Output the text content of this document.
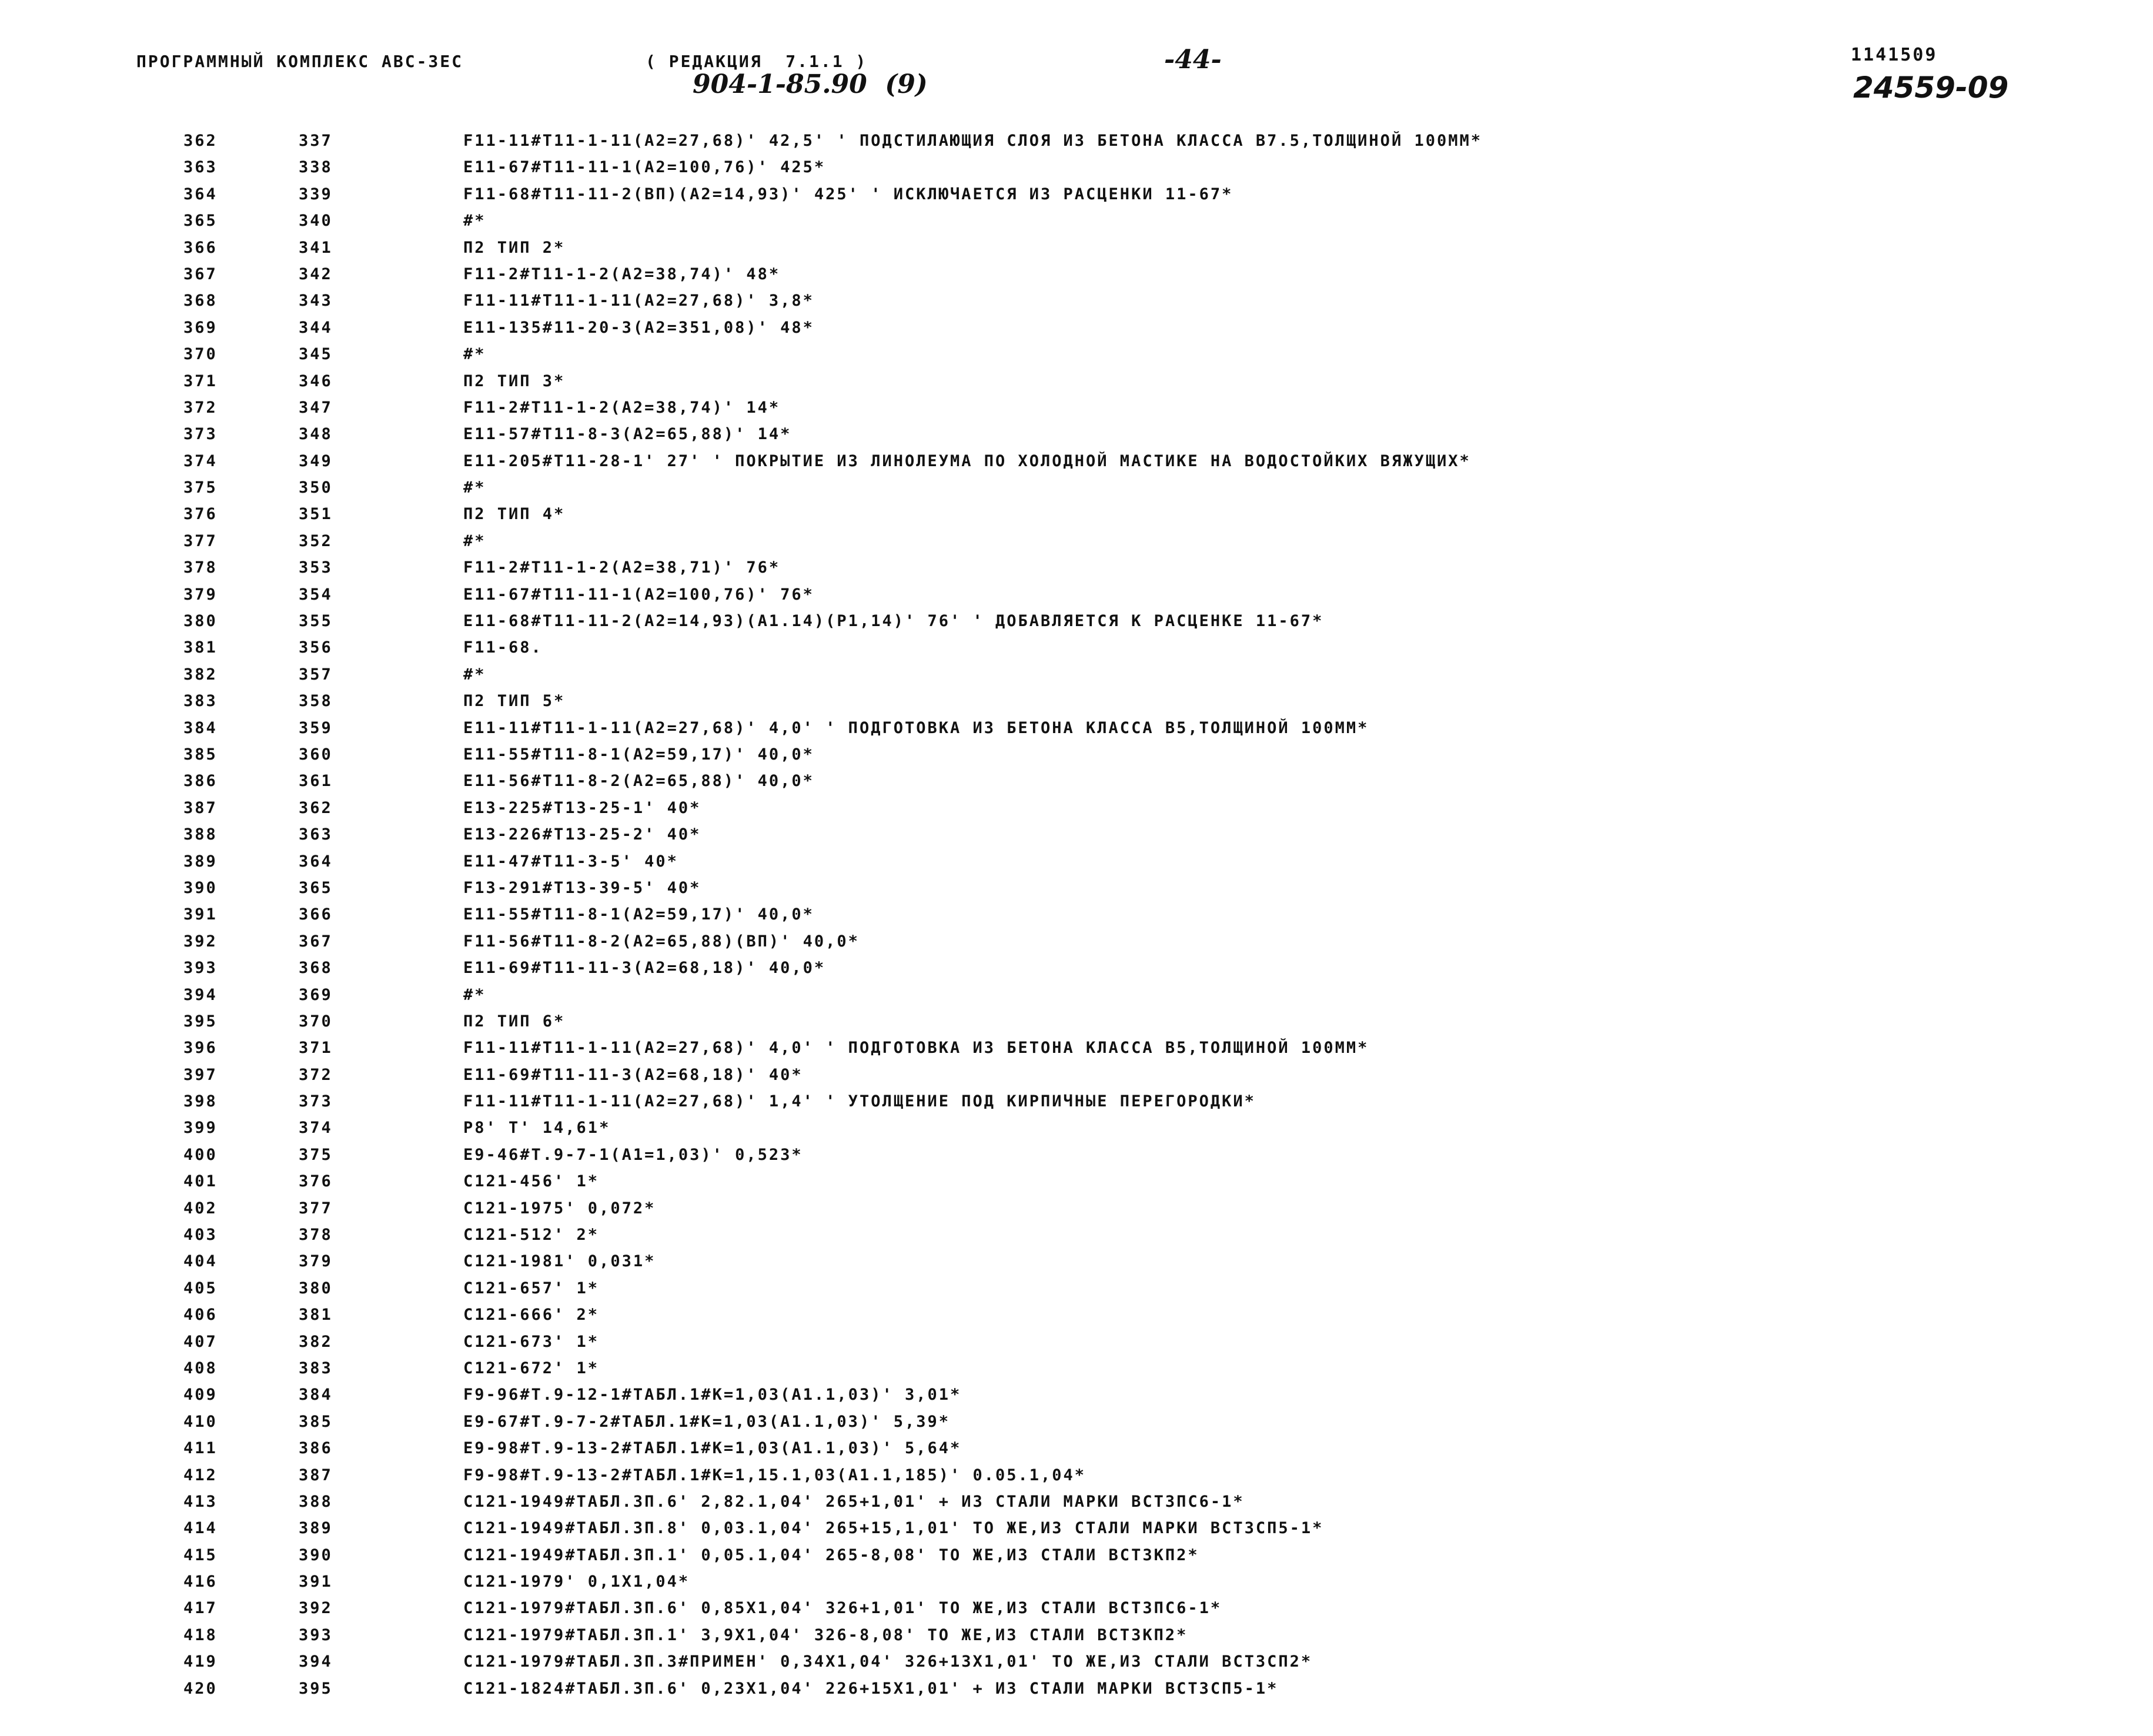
ПРОГРАММНЫЙ КОМПЛЕКС АВС-ЗЕС	( РЕДАКЦИЯ  7.1.1 )
904-1-85.90  (9)
-44-	1141509
24559-09
362	337	F11-11#T11-1-11(A2=27,68)' 42,5' ' ПОДСТИЛАЮЩИЯ СЛОЯ ИЗ БЕТОНА КЛАССА В7.5,ТОЛЩИНОЙ 100ММ*
363	338	E11-67#T11-11-1(A2=100,76)' 425*
364	339	F11-68#T11-11-2(BП)(A2=14,93)' 425' ' ИСКЛЮЧАЕТСЯ ИЗ РАСЦЕНКИ 11-67*
365	340	#*
366	341	П2 ТИП 2*
367	342	F11-2#T11-1-2(A2=38,74)' 48*
368	343	F11-11#T11-1-11(A2=27,68)' 3,8*
369	344	E11-135#11-20-3(A2=351,08)' 48*
370	345	#*
371	346	П2 ТИП 3*
372	347	F11-2#T11-1-2(A2=38,74)' 14*
373	348	E11-57#T11-8-3(A2=65,88)' 14*
374	349	E11-205#T11-28-1' 27' ' ПОКРЫТИЕ ИЗ ЛИНОЛЕУМА ПО ХОЛОДНОЙ МАСТИКЕ НА ВОДОСТОЙКИХ ВЯЖУЩИХ*
375	350	#*
376	351	П2 ТИП 4*
377	352	#*
378	353	F11-2#T11-1-2(A2=38,71)' 76*
379	354	E11-67#T11-11-1(A2=100,76)' 76*
380	355	E11-68#T11-11-2(A2=14,93)(A1.14)(P1,14)' 76' ' ДОБАВЛЯЕТСЯ К РАСЦЕНКЕ 11-67*
381	356	F11-68.
382	357	#*
383	358	П2 ТИП 5*
384	359	E11-11#T11-1-11(A2=27,68)' 4,0' ' ПОДГОТОВКА ИЗ БЕТОНА КЛАССА В5,ТОЛЩИНОЙ 100ММ*
385	360	E11-55#T11-8-1(A2=59,17)' 40,0*
386	361	E11-56#T11-8-2(A2=65,88)' 40,0*
387	362	E13-225#T13-25-1' 40*
388	363	E13-226#T13-25-2' 40*
389	364	E11-47#T11-3-5' 40*
390	365	F13-291#T13-39-5' 40*
391	366	E11-55#T11-8-1(A2=59,17)' 40,0*
392	367	F11-56#T11-8-2(A2=65,88)(BП)' 40,0*
393	368	E11-69#T11-11-3(A2=68,18)' 40,0*
394	369	#*
395	370	П2 ТИП 6*
396	371	F11-11#T11-1-11(A2=27,68)' 4,0' ' ПОДГОТОВКА ИЗ БЕТОНА КЛАССА В5,ТОЛЩИНОЙ 100ММ*
397	372	E11-69#T11-11-3(A2=68,18)' 40*
398	373	F11-11#T11-1-11(A2=27,68)' 1,4' ' УТОЛЩЕНИЕ ПОД КИРПИЧНЫЕ ПЕРЕГОРОДКИ*
399	374	P8' T' 14,61*
400	375	E9-46#T.9-7-1(A1=1,03)' 0,523*
401	376	C121-456' 1*
402	377	C121-1975' 0,072*
403	378	C121-512' 2*
404	379	C121-1981' 0,031*
405	380	C121-657' 1*
406	381	C121-666' 2*
407	382	C121-673' 1*
408	383	C121-672' 1*
409	384	F9-96#T.9-12-1#TAБЛ.1#K=1,03(A1.1,03)' 3,01*
410	385	E9-67#T.9-7-2#TAБЛ.1#K=1,03(A1.1,03)' 5,39*
411	386	E9-98#T.9-13-2#TAБЛ.1#K=1,03(A1.1,03)' 5,64*
412	387	F9-98#T.9-13-2#TAБЛ.1#K=1,15.1,03(A1.1,185)' 0.05.1,04*
413	388	C121-1949#TAБЛ.3П.6' 2,82.1,04' 265+1,01' + ИЗ СТАЛИ МАРКИ ВСТ3ПС6-1*
414	389	C121-1949#TAБЛ.3П.8' 0,03.1,04' 265+15,1,01' ТО ЖЕ,ИЗ СТАЛИ МАРКИ ВСТ3СП5-1*
415	390	C121-1949#TAБЛ.3П.1' 0,05.1,04' 265-8,08' ТО ЖЕ,ИЗ СТАЛИ ВСТ3КП2*
416	391	C121-1979' 0,1X1,04*
417	392	C121-1979#TAБЛ.3П.6' 0,85X1,04' 326+1,01' ТО ЖЕ,ИЗ СТАЛИ ВСТ3ПС6-1*
418	393	C121-1979#TAБЛ.3П.1' 3,9X1,04' 326-8,08' ТО ЖЕ,ИЗ СТАЛИ ВСТ3КП2*
419	394	C121-1979#TAБЛ.3П.3#ПРИМЕН' 0,34X1,04' 326+13X1,01' ТО ЖЕ,ИЗ СТАЛИ ВСТ3СП2*
420	395	C121-1824#TAБЛ.3П.6' 0,23X1,04' 226+15X1,01' + ИЗ СТАЛИ МАРКИ ВСТ3СП5-1*
